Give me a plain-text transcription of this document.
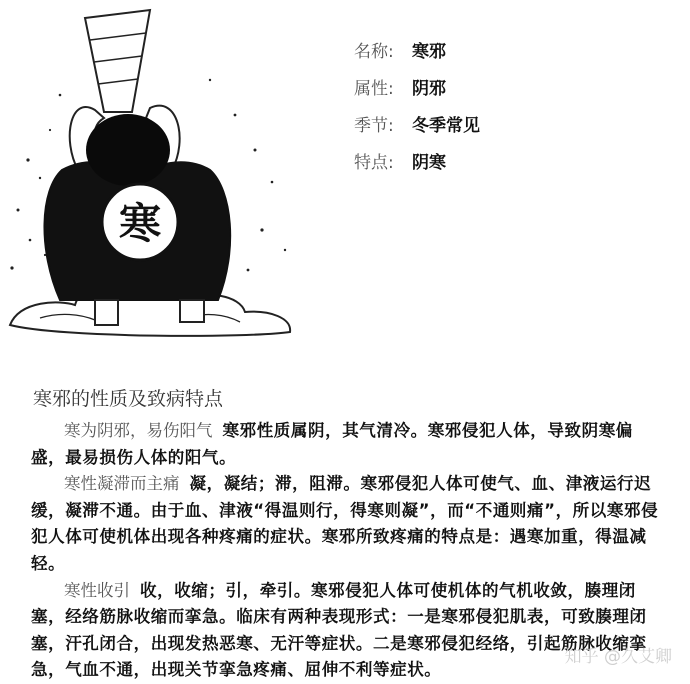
寒
名称: 寒邪
属性: 阴邪
季节: 冬季常见
特点: 阴寒
寒邪的性质及致病特点

寒为阴邪，易伤阳气 寒邪性质属阴，其气清冷。寒邪侵犯人体，导致阴寒偏盛，最易损伤人体的阳气。

寒性凝滞而主痛 凝，凝结；滞，阻滞。寒邪侵犯人体可使气、血、津液运行迟缓，凝滞不通。由于血、津液“得温则行，得寒则凝”，而“不通则痛”，所以寒邪侵犯人体可使机体出现各种疼痛的症状。寒邪所致疼痛的特点是：遇寒加重，得温减轻。

寒性收引 收，收缩；引，牵引。寒邪侵犯人体可使机体的气机收敛，腠理闭塞，经络筋脉收缩而挛急。临床有两种表现形式：一是寒邪侵犯肌表，可致腠理闭塞，汗孔闭合，出现发热恶寒、无汗等症状。二是寒邪侵犯经络，引起筋脉收缩挛急，气血不通，出现关节挛急疼痛、屈伸不利等症状。

知乎 @久艾卿
